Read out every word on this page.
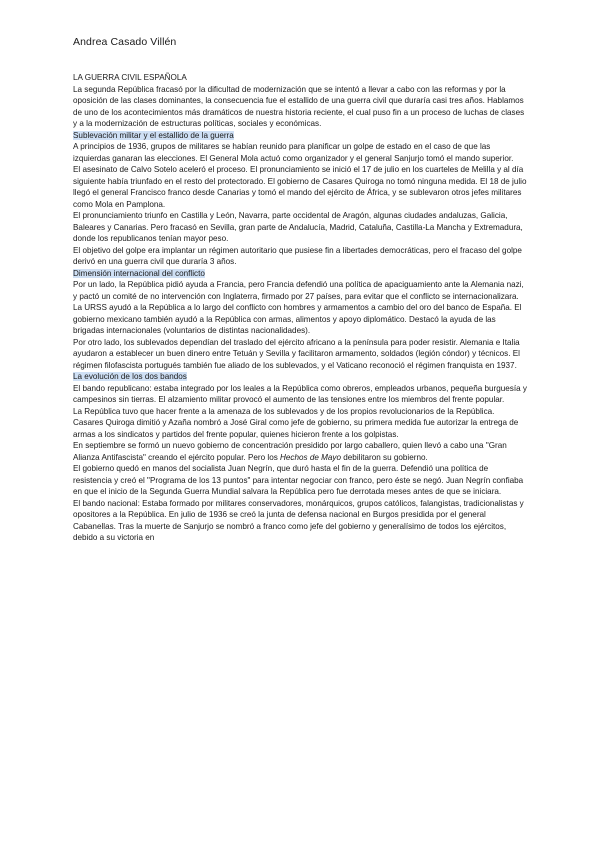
Andrea Casado Villén

LA GUERRA CIVIL ESPAÑOLA

La segunda República fracasó por la dificultad de modernización que se intentó a llevar a cabo con las reformas y por la oposición de las clases dominantes, la consecuencia fue el estallido de una guerra civil que duraría casi tres años. Hablamos de uno de los acontecimientos más dramáticos de nuestra historia reciente, el cual puso fin a un proceso de luchas de clases y a la modernización de estructuras políticas, sociales y económicas.

Sublevación militar y el estallido de la guerra

A principios de 1936, grupos de militares se habían reunido para planificar un golpe de estado en el caso de que las izquierdas ganaran las elecciones. El General Mola actuó como organizador y el general Sanjurjo tomó el mando superior.

El asesinato de Calvo Sotelo aceleró el proceso. El pronunciamiento se inició el 17 de julio en los cuarteles de Melilla y al día siguiente había triunfado en el resto del protectorado. El gobierno de Casares Quiroga no tomó ninguna medida. El 18 de julio llegó el general Francisco franco desde Canarias y tomó el mando del ejército de África, y se sublevaron otros jefes militares como Mola en Pamplona.

El pronunciamiento triunfo en Castilla y León, Navarra, parte occidental de Aragón, algunas ciudades andaluzas, Galicia, Baleares y Canarias. Pero fracasó en Sevilla, gran parte de Andalucía, Madrid, Cataluña, Castilla-La Mancha y Extremadura, donde los republicanos tenían mayor peso.

El objetivo del golpe era implantar un régimen autoritario que pusiese fin a libertades democráticas, pero el fracaso del golpe derivó en una guerra civil que duraría 3 años.

Dimensión internacional del conflicto

Por un lado, la República pidió ayuda a Francia, pero Francia defendió una política de apaciguamiento ante la Alemania nazi, y pactó un comité de no intervención con Inglaterra, firmado por 27 países, para evitar que el conflicto se internacionalizara.

La URSS ayudó a la República a lo largo del conflicto con hombres y armamentos a cambio del oro del banco de España. El gobierno mexicano también ayudó a la República con armas, alimentos y apoyo diplomático. Destacó la ayuda de las brigadas internacionales (voluntarios de distintas nacionalidades).

Por otro lado, los sublevados dependían del traslado del ejército africano a la península para poder resistir. Alemania e Italia ayudaron a establecer un buen dinero entre Tetuán y Sevilla y facilitaron armamento, soldados (legión cóndor) y técnicos. El régimen filofascista portugués también fue aliado de los sublevados, y el Vaticano reconoció el régimen franquista en 1937.

La evolución de los dos bandos

El bando republicano: estaba integrado por los leales a la República como obreros, empleados urbanos, pequeña burguesía y campesinos sin tierras. El alzamiento militar provocó el aumento de las tensiones entre los miembros del frente popular.

La República tuvo que hacer frente a la amenaza de los sublevados y de los propios revolucionarios de la República.

Casares Quiroga dimitió y Azaña nombró a José Giral como jefe de gobierno, su primera medida fue autorizar la entrega de armas a los sindicatos y partidos del frente popular, quienes hicieron frente a los golpistas.

En septiembre se formó un nuevo gobierno de concentración presidido por largo caballero, quien llevó a cabo una "Gran Alianza Antifascista" creando el ejército popular. Pero los Hechos de Mayo debilitaron su gobierno.

El gobierno quedó en manos del socialista Juan Negrín, que duró hasta el fin de la guerra. Defendió una política de resistencia y creó el "Programa de los 13 puntos" para intentar negociar con franco, pero éste se negó. Juan Negrín confiaba en que el inicio de la Segunda Guerra Mundial salvara la República pero fue derrotada meses antes de que se iniciara.

El bando nacional: Estaba formado por militares conservadores, monárquicos, grupos católicos, falangistas, tradicionalistas y opositores a la República. En julio de 1936 se creó la junta de defensa nacional en Burgos presidida por el general Cabanellas. Tras la muerte de Sanjurjo se nombró a franco como jefe del gobierno y generalísimo de todos los ejércitos, debido a su victoria en
